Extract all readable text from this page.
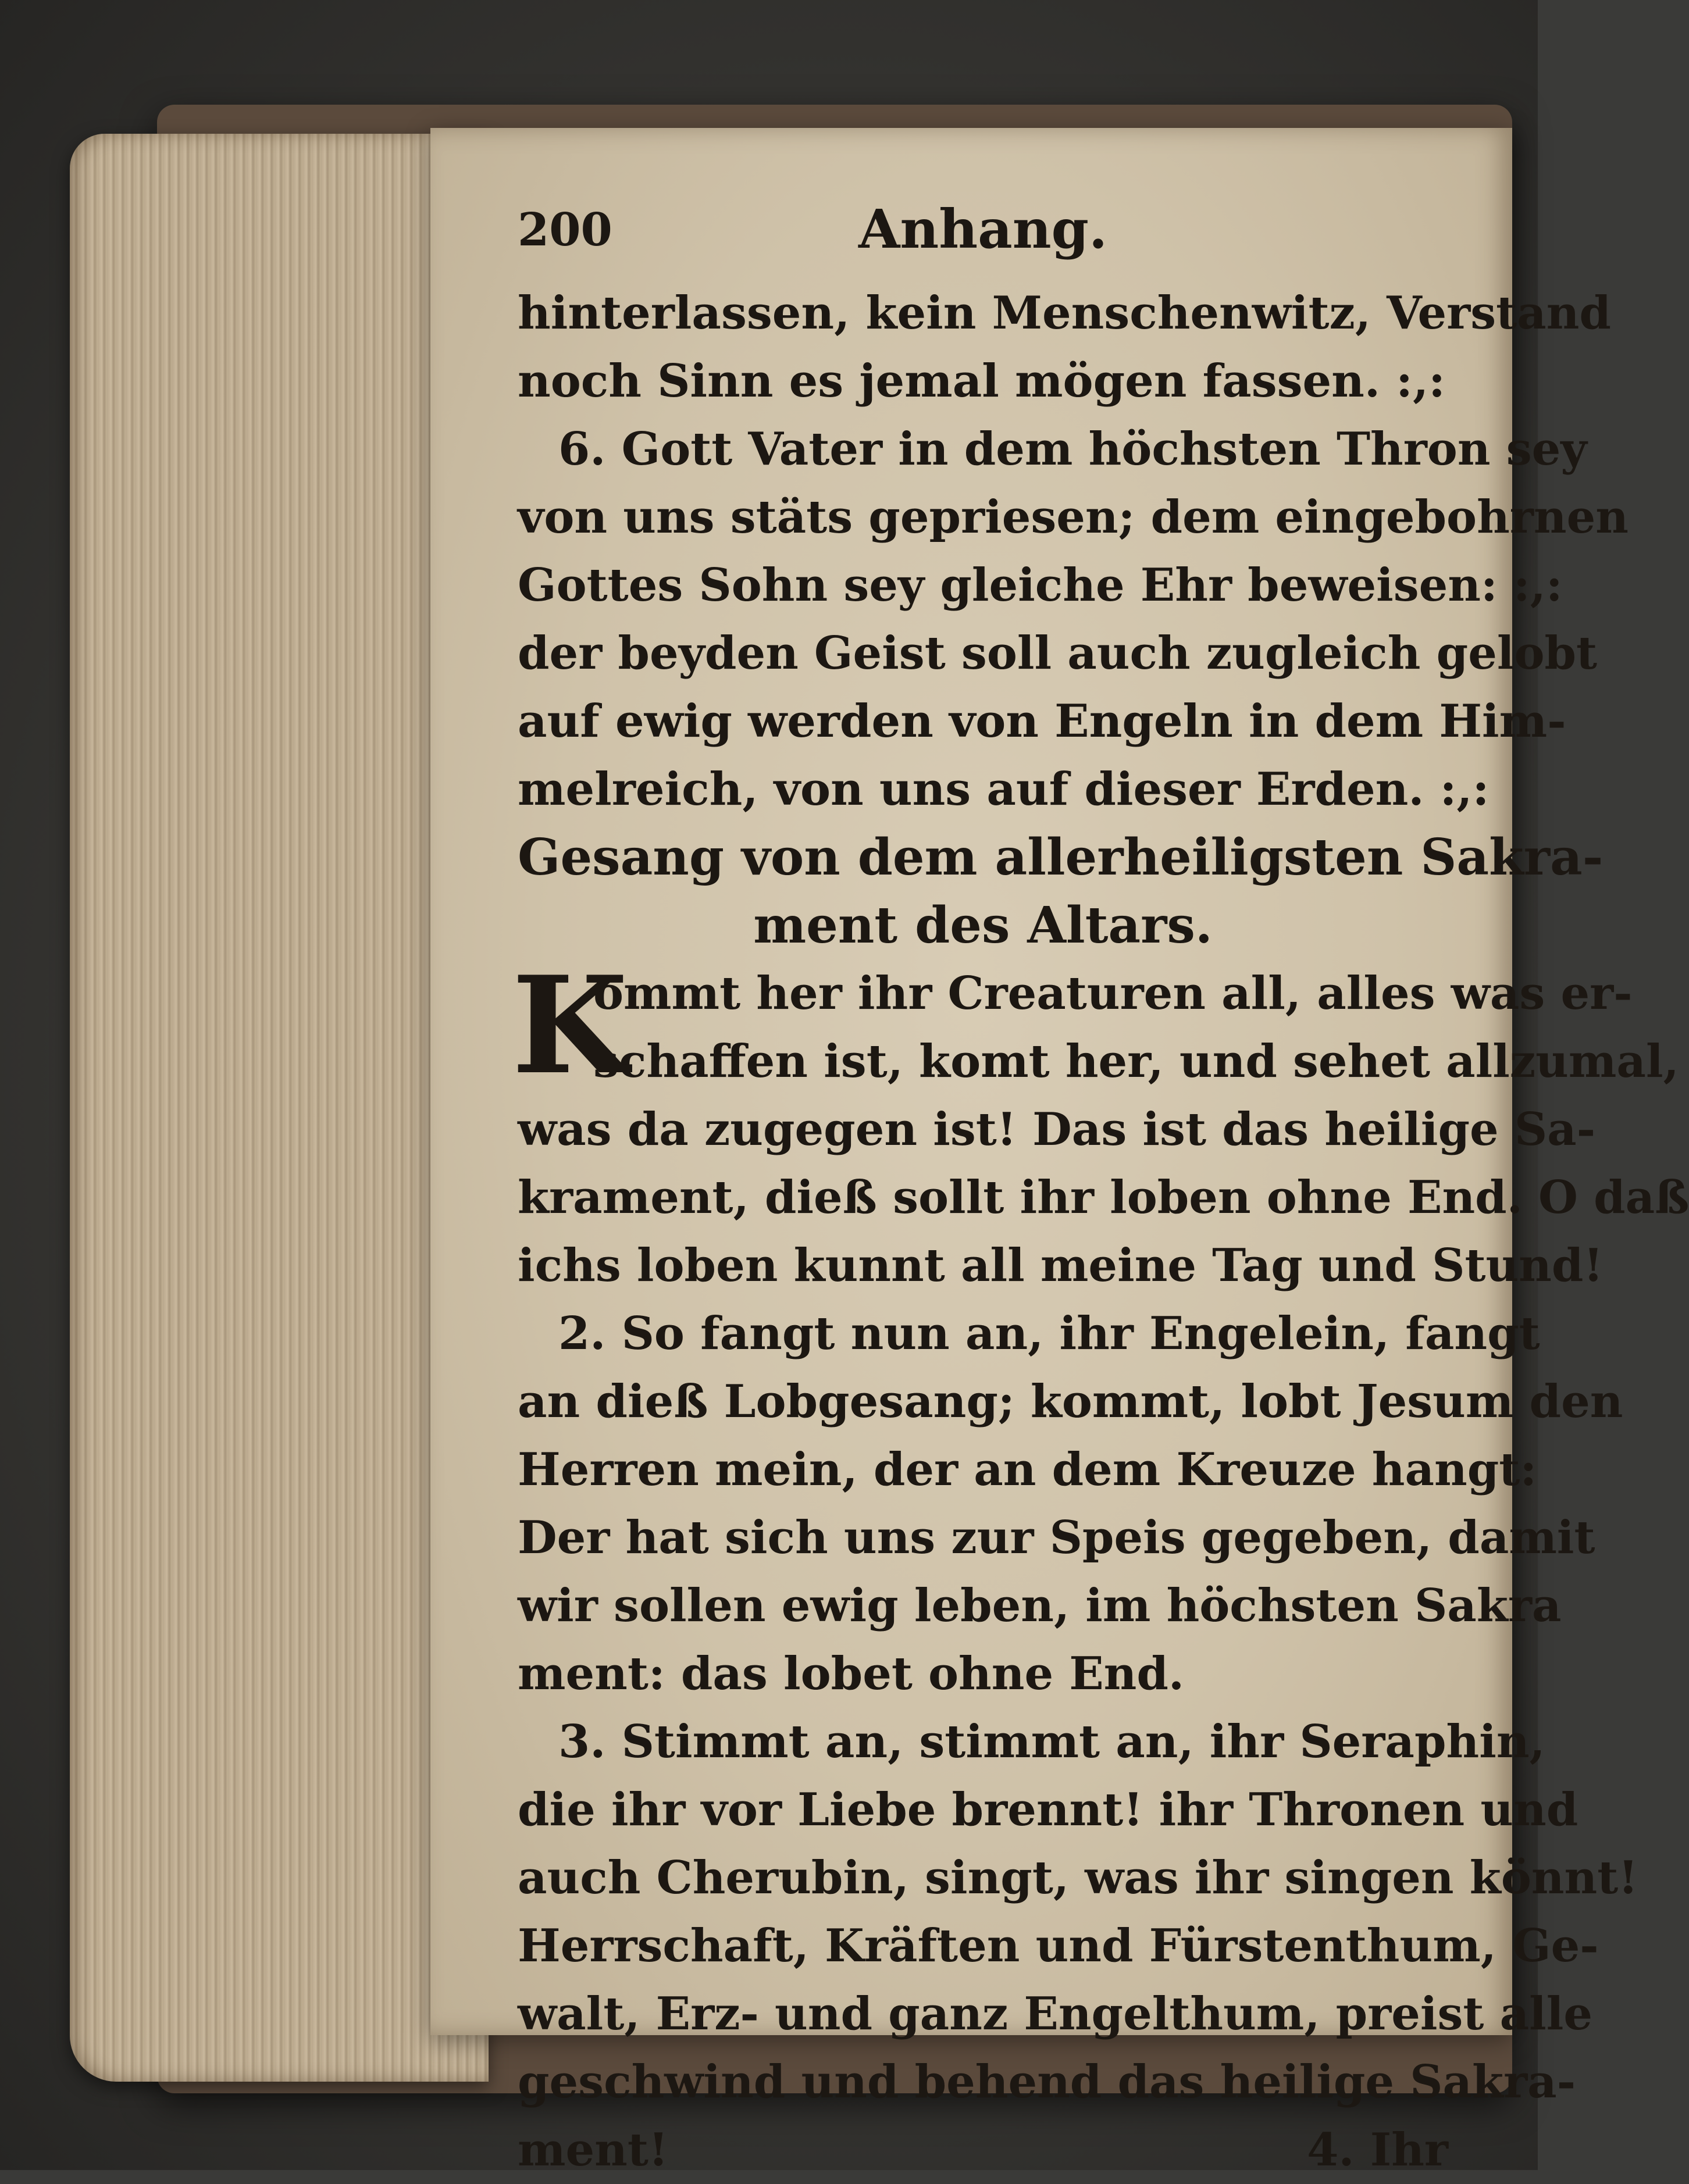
200	Anhang.
hinterlassen, kein Menschenwitz, Verstand
noch Sinn es jemal mögen fassen. :,:
6. Gott Vater in dem höchsten Thron sey
von uns stäts gepriesen; dem eingebohrnen
Gottes Sohn sey gleiche Ehr beweisen: :,:
der beyden Geist soll auch zugleich gelobt
auf ewig werden von Engeln in dem Him-
melreich, von uns auf dieser Erden. :,:
Gesang von dem allerheiligsten Sakra-
ment des Altars.
K
ommt her ihr Creaturen all, alles was er-
schaffen ist, komt her, und sehet allzumal,
was da zugegen ist! Das ist das heilige Sa-
krament, dieß sollt ihr loben ohne End. O daß
ichs loben kunnt all meine Tag und Stund!
2. So fangt nun an, ihr Engelein, fangt
an dieß Lobgesang; kommt, lobt Jesum den
Herren mein, der an dem Kreuze hangt:
Der hat sich uns zur Speis gegeben, damit
wir sollen ewig leben, im höchsten Sakra
ment: das lobet ohne End.
3. Stimmt an, stimmt an, ihr Seraphin,
die ihr vor Liebe brennt! ihr Thronen und
auch Cherubin, singt, was ihr singen könnt!
Herrschaft, Kräften und Fürstenthum, Ge-
walt, Erz- und ganz Engelthum, preist alle
geschwind und behend das heilige Sakra-
ment!	4. Ihr
